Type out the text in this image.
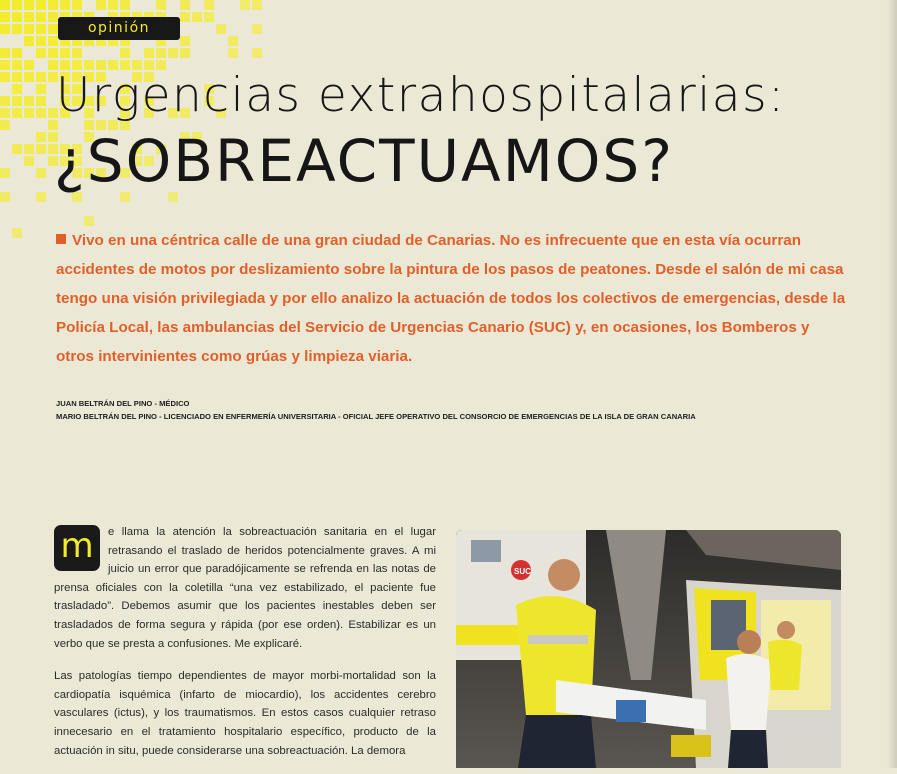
opinión
Urgencias extrahospitalarias:
¿SOBREACTUAMOS?
Vivo en una céntrica calle de una gran ciudad de Canarias. No es infrecuente que en esta vía ocurran accidentes de motos por deslizamiento sobre la pintura de los pasos de peatones. Desde el salón de mi casa tengo una visión privilegiada y por ello analizo la actuación de todos los colectivos de emergencias, desde la Policía Local, las ambulancias del Servicio de Urgencias Canario (SUC) y, en ocasiones, los Bomberos y otros intervinientes como grúas y limpieza viaria.
JUAN BELTRÁN DEL PINO - MÉDICO
MARIO BELTRÁN DEL PINO - LICENCIADO EN ENFERMERÍA UNIVERSITARIA - OFICIAL JEFE OPERATIVO DEL CONSORCIO DE EMERGENCIAS DE LA ISLA DE GRAN CANARIA

m	e llama la atención la sobreactuación sanitaria en el lugar retrasando el traslado de heridos potencialmente graves. A mi juicio un error que paradójicamente se refrenda en las notas de prensa oficiales con la coletilla “una vez estabilizado, el paciente fue trasladado”. Debemos asumir que los pacientes inestables deben ser trasladados de forma segura y rápida (por ese orden). Estabilizar es un verbo que se presta a confusiones. Me explicaré.

Las patologías tiempo dependientes de mayor morbi-mortalidad son la cardiopatía isquémica (infarto de miocardio), los accidentes cerebro vasculares (ictus), y los traumatismos. En estos casos cualquier retraso innecesario en el tratamiento hospitalario específico, producto de la actuación in situ, puede considerarse una sobreactuación. La demora

SUC
